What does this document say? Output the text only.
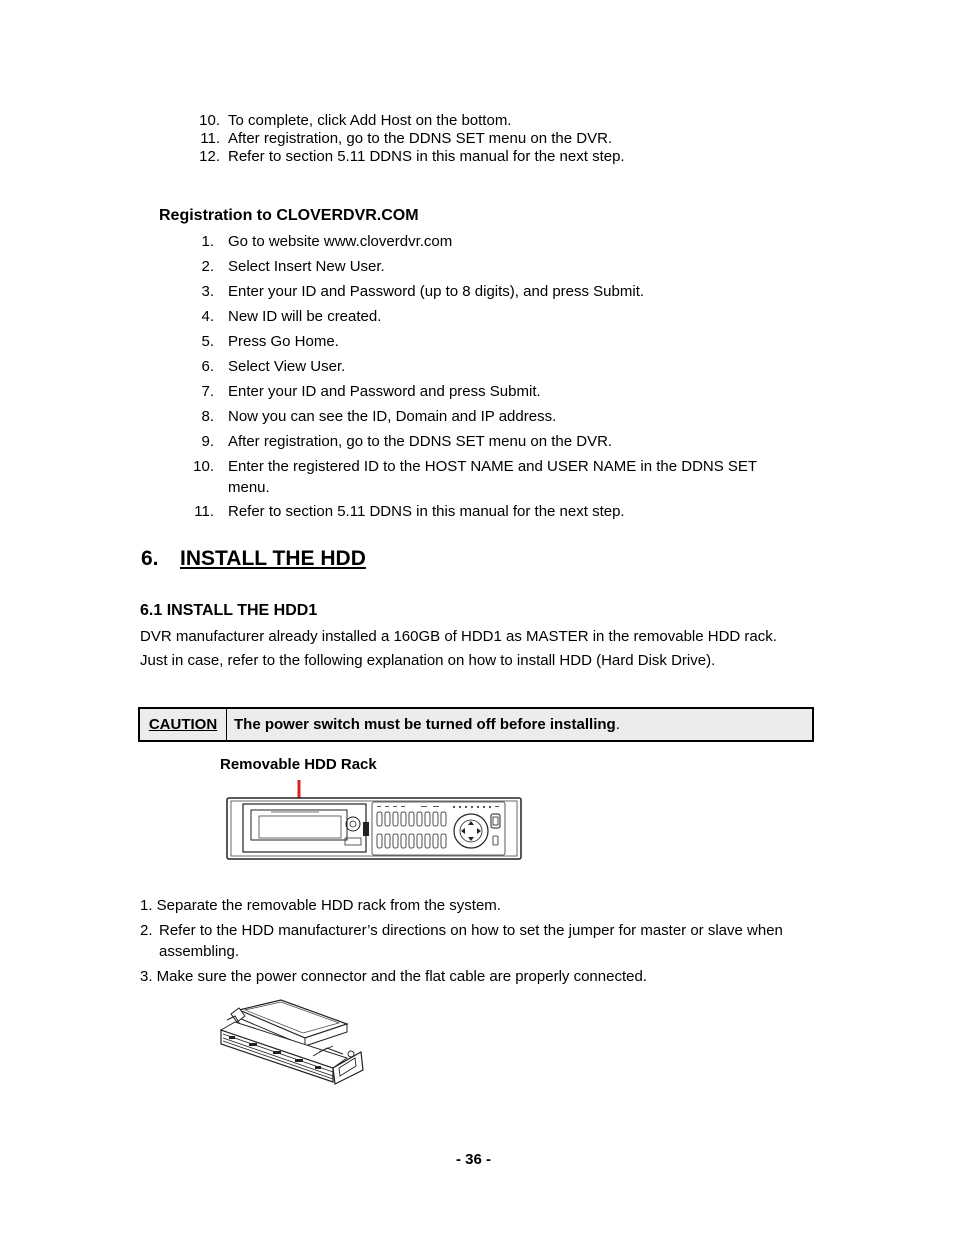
10. To complete, click Add Host on the bottom.
11. After registration, go to the DDNS SET menu on the DVR.
12. Refer to section 5.11 DDNS in this manual for the next step.
Registration to CLOVERDVR.COM
1. Go to website www.cloverdvr.com
2. Select Insert New User.
3. Enter your ID and Password (up to 8 digits), and press Submit.
4. New ID will be created.
5. Press Go Home.
6. Select View User.
7. Enter your ID and Password and press Submit.
8. Now you can see the ID, Domain and IP address.
9. After registration, go to the DDNS SET menu on the DVR.
10. Enter the registered ID to the HOST NAME and USER NAME in the DDNS SET
menu.
11. Refer to section 5.11 DDNS in this manual for the next step.
6. INSTALL THE HDD
6.1 INSTALL THE HDD1
DVR manufacturer already installed a 160GB of HDD1 as MASTER in the removable HDD rack.
Just in case, refer to the following explanation on how to install HDD (Hard Disk Drive).
CAUTION	The power switch must be turned off before installing.
Removable HDD Rack
1. Separate the removable HDD rack from the system.
2. Refer to the HDD manufacturer’s directions on how to set the jumper for master or slave when
assembling.
3. Make sure the power connector and the flat cable are properly connected.
- 36 -
